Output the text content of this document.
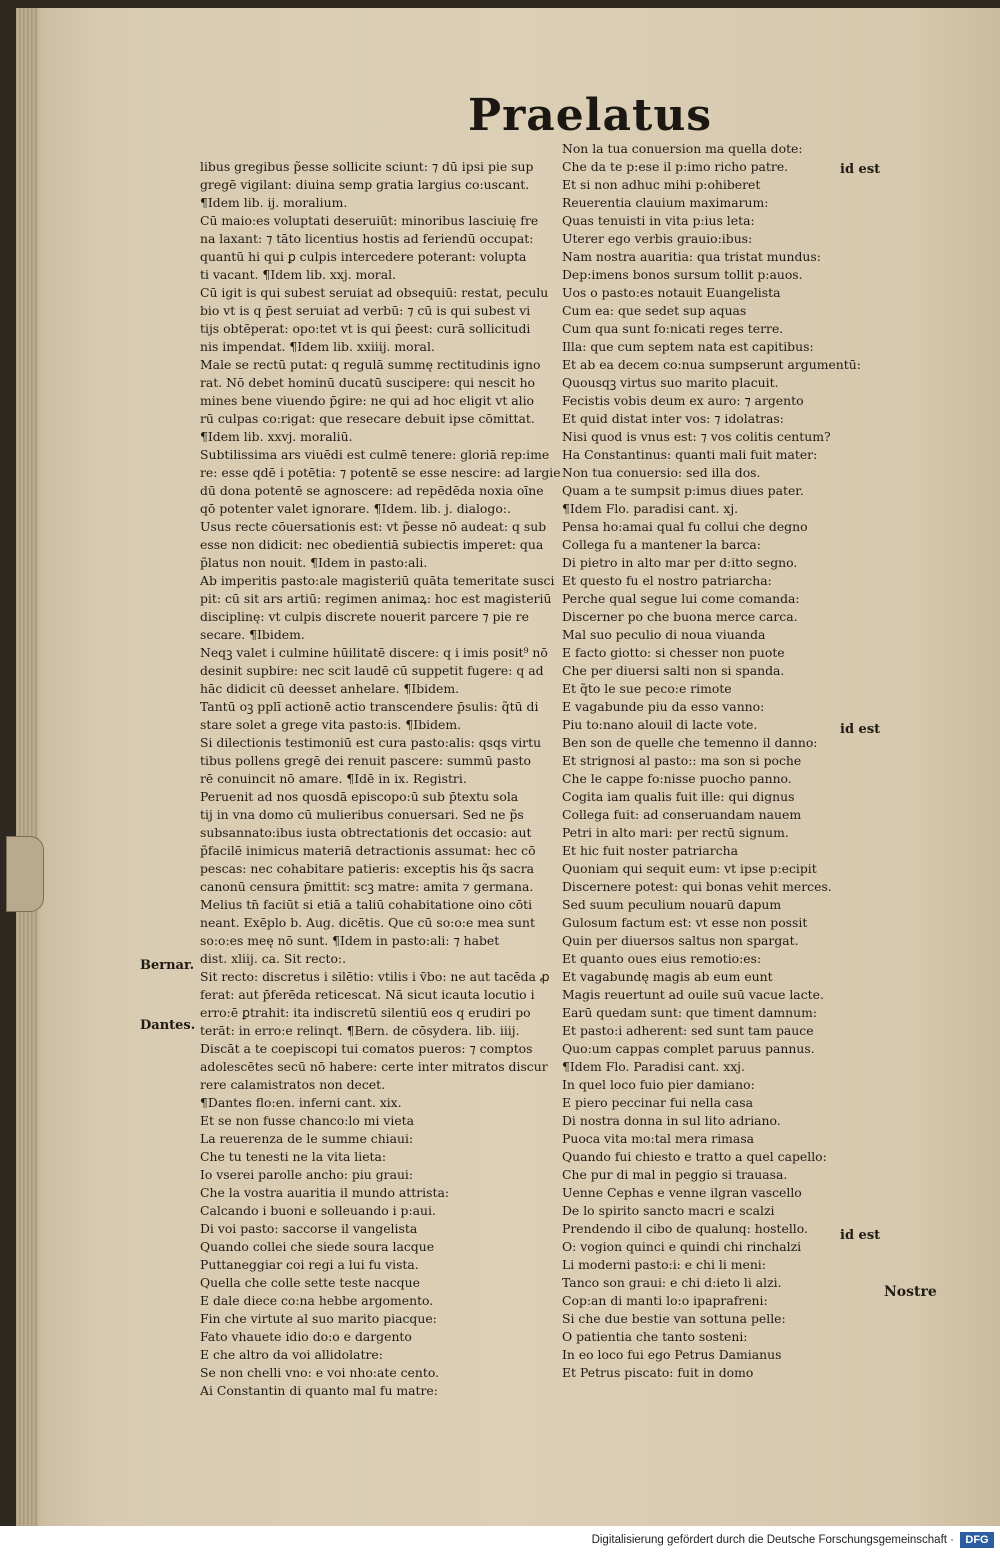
Praelatus
libus gregibus p̃esse sollicite sciunt: ⁊ dū ipsi pie sup
gregē vigilant: diuina semp gratia largius co:uscant.
¶Idem lib. ij. moralium.
Cū maio:es voluptati deseruiūt: minoribus lasciuię fre
na laxant: ⁊ tāto licentius hostis ad feriendū occupat:
quantū hi qui ꝑ culpis intercedere poterant: volupta
ti vacant. ¶Idem lib. xxj. moral.
Cū igit is qui subest seruiat ad obsequiū: restat, peculu
bio vt is q p̄est seruiat ad verbū: ⁊ cū is qui subest vi
tijs obtēperat: opo:tet vt is qui p̄eest: curā sollicitudi
nis impendat. ¶Idem lib. xxiiij. moral.
Male se rectū putat: q regulā summę rectitudinis igno
rat. Nō debet hominū ducatū suscipere: qui nescit ho
mines bene viuendo p̄gire: ne qui ad hoc eligit vt alio
rū culpas co:rigat: que resecare debuit ipse cōmittat.
¶Idem lib. xxvj. moraliū.
Subtilissima ars viuēdi est culmē tenere: gloriā rep:ime
re: esse qdē i potētia: ⁊ potentē se esse nescire: ad largie
dū dona potentē se agnoscere: ad repēdēda noxia oīne
qō potenter valet ignorare. ¶Idem. lib. j. dialogo:.
Usus recte cōuersationis est: vt p̃esse nō audeat: q sub
esse non didicit: nec obedientiā subiectis imperet: qua
p̃latus non nouit. ¶Idem in pasto:ali.
Ab imperitis pasto:ale magisteriū quāta temeritate susci
pit: cū sit ars artiū: regimen animaꝝ: hoc est magisteriū
disciplinę: vt culpis discrete nouerit parcere ⁊ pie re
secare. ¶Ibidem.
Neqꝫ valet i culmine hūilitatē discere: q i imis posit⁹ nō
desinit supbire: nec scit laudē cū suppetit fugere: q ad
hāc didicit cū deesset anhelare. ¶Ibidem.
Tantū oꝫ pplī actionē actio transcendere p̄sulis: q̃tū di
stare solet a grege vita pasto:is. ¶Ibidem.
Si dilectionis testimoniū est cura pasto:alis: qsqs virtu
tibus pollens gregē dei renuit pascere: summū pasto
rē conuincit nō amare. ¶Idē in ix. Registri.
Peruenit ad nos quosdā episcopo:ū sub p̄textu sola
tij in vna domo cū mulieribus conuersari. Sed ne p̃s
subsannato:ibus iusta obtrectationis det occasio: aut
p̃facilē inimicus materiā detractionis assumat: hec cō
pescas: nec cohabitare patieris: exceptis his q̃s sacra
canonū censura p̄mittit: scꝫ matre: amita ⁊ germana.
Melius tn̄ faciūt si etiā a taliū cohabitatione oino cōti
neant. Exēplo b. Aug. dicētis. Que cū so:o:e mea sunt
so:o:es meę nō sunt. ¶Idem in pasto:ali: ⁊ habet
dist. xliij. ca. Sit recto:.
Sit recto: discretus i silētio: vtilis i v̄bo: ne aut tacēda ꝓ
ferat: aut p̄ferēda reticescat. Nā sicut icauta locutio i
erro:ē ꝑtrahit: ita indiscretū silentiū eos q erudiri po
terāt: in erro:e relinqt. ¶Bern. de cōsydera. lib. iiij.
Discāt a te coepiscopi tui comatos pueros: ⁊ comptos
adolescētes secū nō habere: certe inter mitratos discur
rere calamistratos non decet.
¶Dantes flo:en. inferni cant. xix.
Et se non fusse chanco:lo mi vieta
La reuerenza de le summe chiaui:
Che tu tenesti ne la vita lieta:
Io vserei parolle ancho: piu graui:
Che la vostra auaritia il mundo attrista:
Calcando i buoni e solleuando i p:aui.
Di voi pasto: saccorse il vangelista
Quando collei che siede soura lacque
Puttaneggiar coi regi a lui fu vista.
Quella che colle sette teste nacque
E dale diece co:na hebbe argomento.
Fin che virtute al suo marito piacque:
Fato vhauete idio do:o e dargento
E che altro da voi allidolatre:
Se non chelli vno: e voi nho:ate cento.
Ai Constantin di quanto mal fu matre:
Non la tua conuersion ma quella dote:
Che da te p:ese il p:imo richo patre.
Et si non adhuc mihi p:ohiberet
Reuerentia clauium maximarum:
Quas tenuisti in vita p:ius leta:
Uterer ego verbis grauio:ibus:
Nam nostra auaritia: qua tristat mundus:
Dep:imens bonos sursum tollit p:auos.
Uos o pasto:es notauit Euangelista
Cum ea: que sedet sup aquas
Cum qua sunt fo:nicati reges terre.
Illa: que cum septem nata est capitibus:
Et ab ea decem co:nua sumpserunt argumentū:
Quousqꝫ virtus suo marito placuit.
Fecistis vobis deum ex auro: ⁊ argento
Et quid distat inter vos: ⁊ idolatras:
Nisi quod is vnus est: ⁊ vos colitis centum?
Ha Constantinus: quanti mali fuit mater:
Non tua conuersio: sed illa dos.
Quam a te sumpsit p:imus diues pater.
¶Idem Flo. paradisi cant. xj.
Pensa ho:amai qual fu collui che degno
Collega fu a mantener la barca:
Di pietro in alto mar per d:itto segno.
Et questo fu el nostro patriarcha:
Perche qual segue lui come comanda:
Discerner po che buona merce carca.
Mal suo peculio di noua viuanda
E facto giotto: si chesser non puote
Che per diuersi salti non si spanda.
Et q̃to le sue peco:e rimote
E vagabunde piu da esso vanno:
Piu to:nano alouil di lacte vote.
Ben son de quelle che temenno il danno:
Et strignosi al pasto:: ma son si poche
Che le cappe fo:nisse puocho panno.
Cogita iam qualis fuit ille: qui dignus
Collega fuit: ad conseruandam nauem
Petri in alto mari: per rectū signum.
Et hic fuit noster patriarcha
Quoniam qui sequit eum: vt ipse p:ecipit
Discernere potest: qui bonas vehit merces.
Sed suum peculium nouarū dapum
Gulosum factum est: vt esse non possit
Quin per diuersos saltus non spargat.
Et quanto oues eius remotio:es:
Et vagabundę magis ab eum eunt
Magis reuertunt ad ouile suū vacue lacte.
Earū quedam sunt: que timent damnum:
Et pasto:i adherent: sed sunt tam pauce
Quo:um cappas complet paruus pannus.
¶Idem Flo. Paradisi cant. xxj.
In quel loco fuio pier damiano:
E piero peccinar fui nella casa
Di nostra donna in sul lito adriano.
Puoca vita mo:tal mera rimasa
Quando fui chiesto e tratto a quel capello:
Che pur di mal in peggio si trauasa.
Uenne Cephas e venne ilgran vascello
De lo spirito sancto macri e scalzi
Prendendo il cibo de qualunq: hostello.
O: vogion quinci e quindi chi rinchalzi
Li moderni pasto:i: e chi li meni:
Tanco son graui: e chi d:ieto li alzi.
Cop:an di manti lo:o ipaprafreni:
Si che due bestie van sottuna pelle:
O patientia che tanto sosteni:
In eo loco fui ego Petrus Damianus
Et Petrus piscato: fuit in domo
id est
id est
id est
Bernar.
Dantes.
Nostre
Digitalisierung gefördert durch die Deutsche Forschungsgemeinschaft ·	DFG
